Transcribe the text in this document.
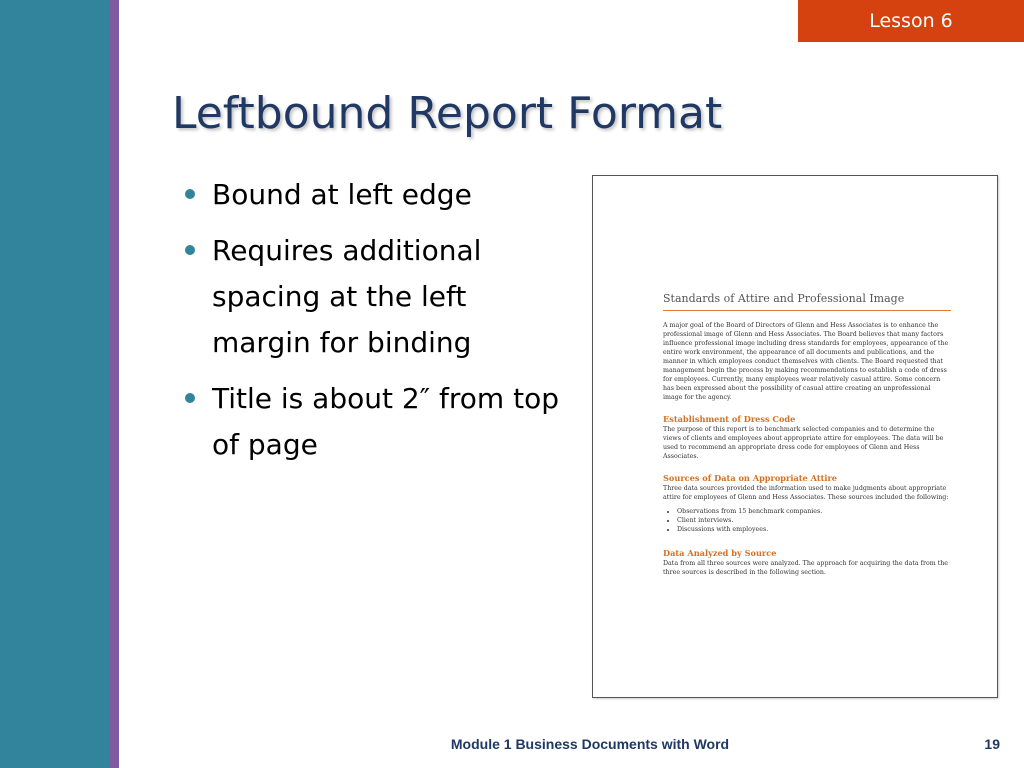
Lesson 6
Leftbound Report Format
Bound at left edge
Requires additional spacing at the left margin for binding
Title is about 2″ from top of page
Standards of Attire and Professional Image

A major goal of the Board of Directors of Glenn and Hess Associates is to enhance the professional image of Glenn and Hess Associates. The Board believes that many factors influence professional image including dress standards for employees, appearance of the entire work environment, the appearance of all documents and publications, and the manner in which employees conduct themselves with clients. The Board requested that management begin the process by making recommendations to establish a code of dress for employees. Currently, many employees wear relatively casual attire. Some concern has been expressed about the possibility of casual attire creating an unprofessional image for the agency.

Establishment of Dress Code

The purpose of this report is to benchmark selected companies and to determine the views of clients and employees about appropriate attire for employees. The data will be used to recommend an appropriate dress code for employees of Glenn and Hess Associates.

Sources of Data on Appropriate Attire

Three data sources provided the information used to make judgments about appropriate attire for employees of Glenn and Hess Associates. These sources included the following:

• Observations from 15 benchmark companies.
• Client interviews.
• Discussions with employees.
Data Analyzed by Source

Data from all three sources were analyzed. The approach for acquiring the data from the three sources is described in the following section.

Module 1 Business Documents with Word	19
